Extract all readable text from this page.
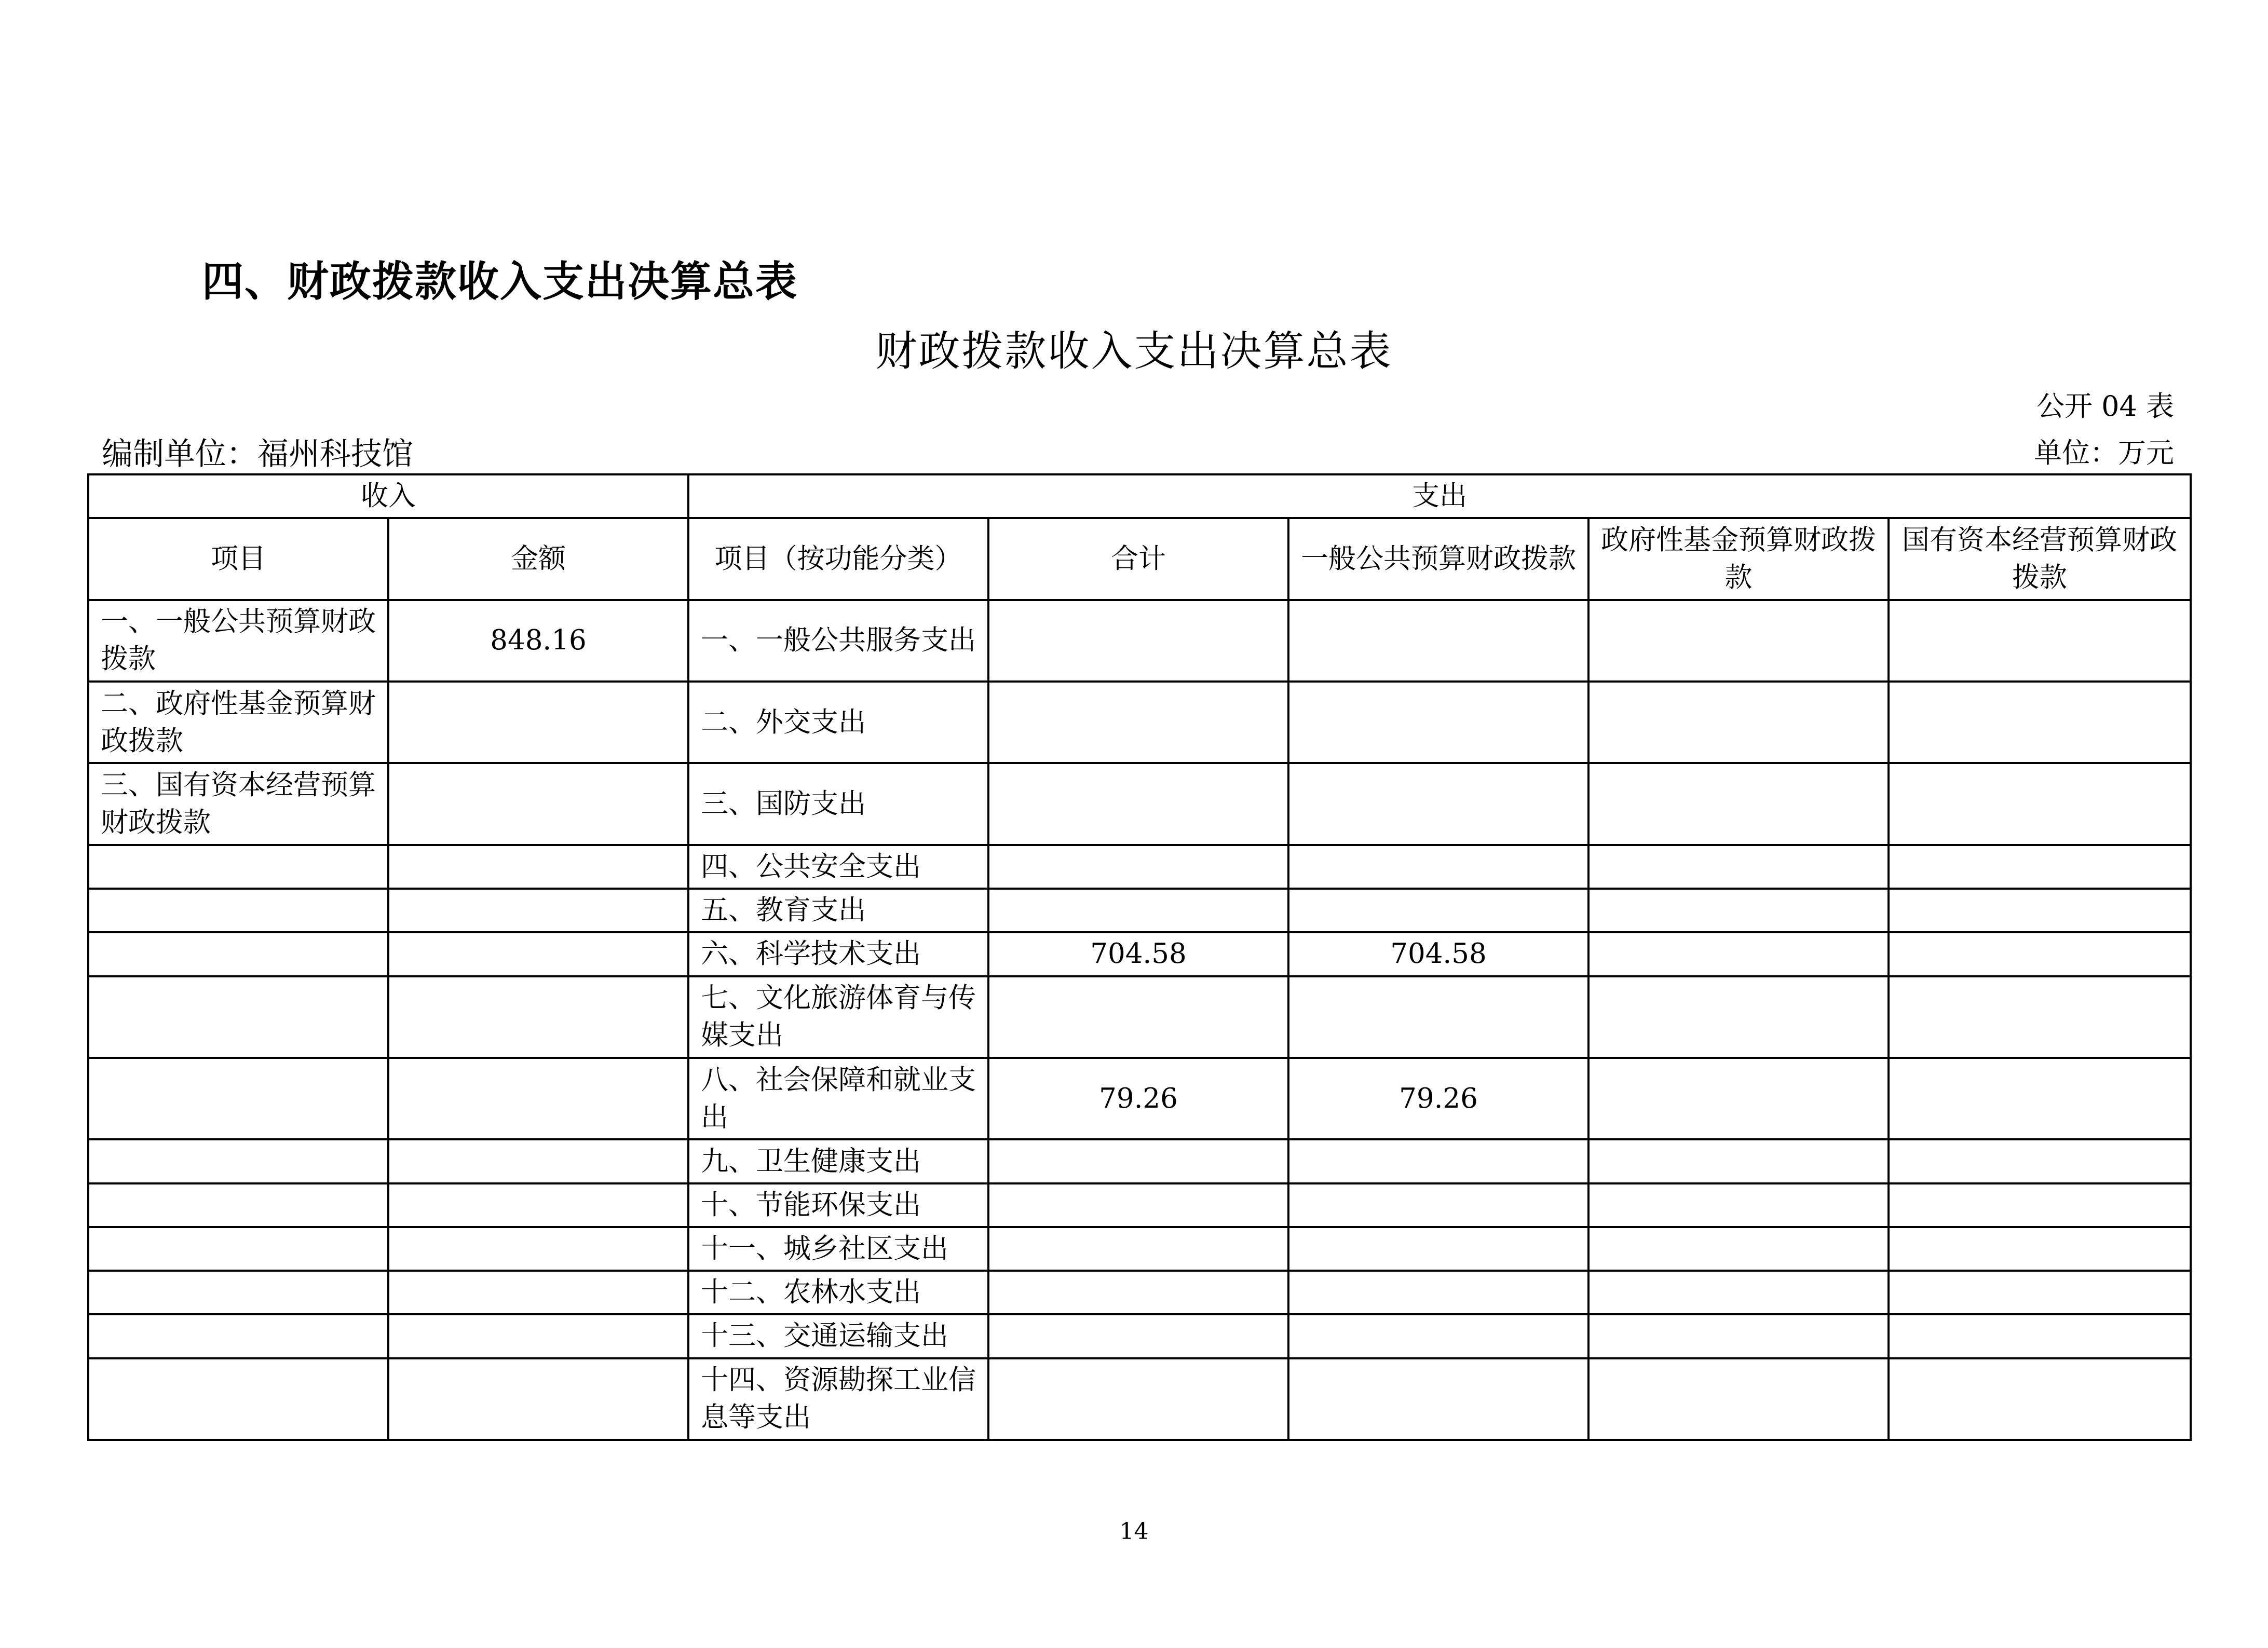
四、财政拨款收入支出决算总表
财政拨款收入支出决算总表
公开 04 表
编制单位：福州科技馆	单位：万元
收入		支出				
项目	金额	项目（按功能分类）	合计	一般公共预算财政拨款	政府性基金预算财政拨款	国有资本经营预算财政拨款
一、一般公共预算财政拨款	848.16	一、一般公共服务支出				
二、政府性基金预算财政拨款		二、外交支出				
三、国有资本经营预算财政拨款		三、国防支出				
		四、公共安全支出				
		五、教育支出				
		六、科学技术支出	704.58	704.58		
		七、文化旅游体育与传媒支出				
		八、社会保障和就业支出	79.26	79.26		
		九、卫生健康支出				
		十、节能环保支出				
		十一、城乡社区支出				
		十二、农林水支出				
		十三、交通运输支出				
		十四、资源勘探工业信息等支出				
14
